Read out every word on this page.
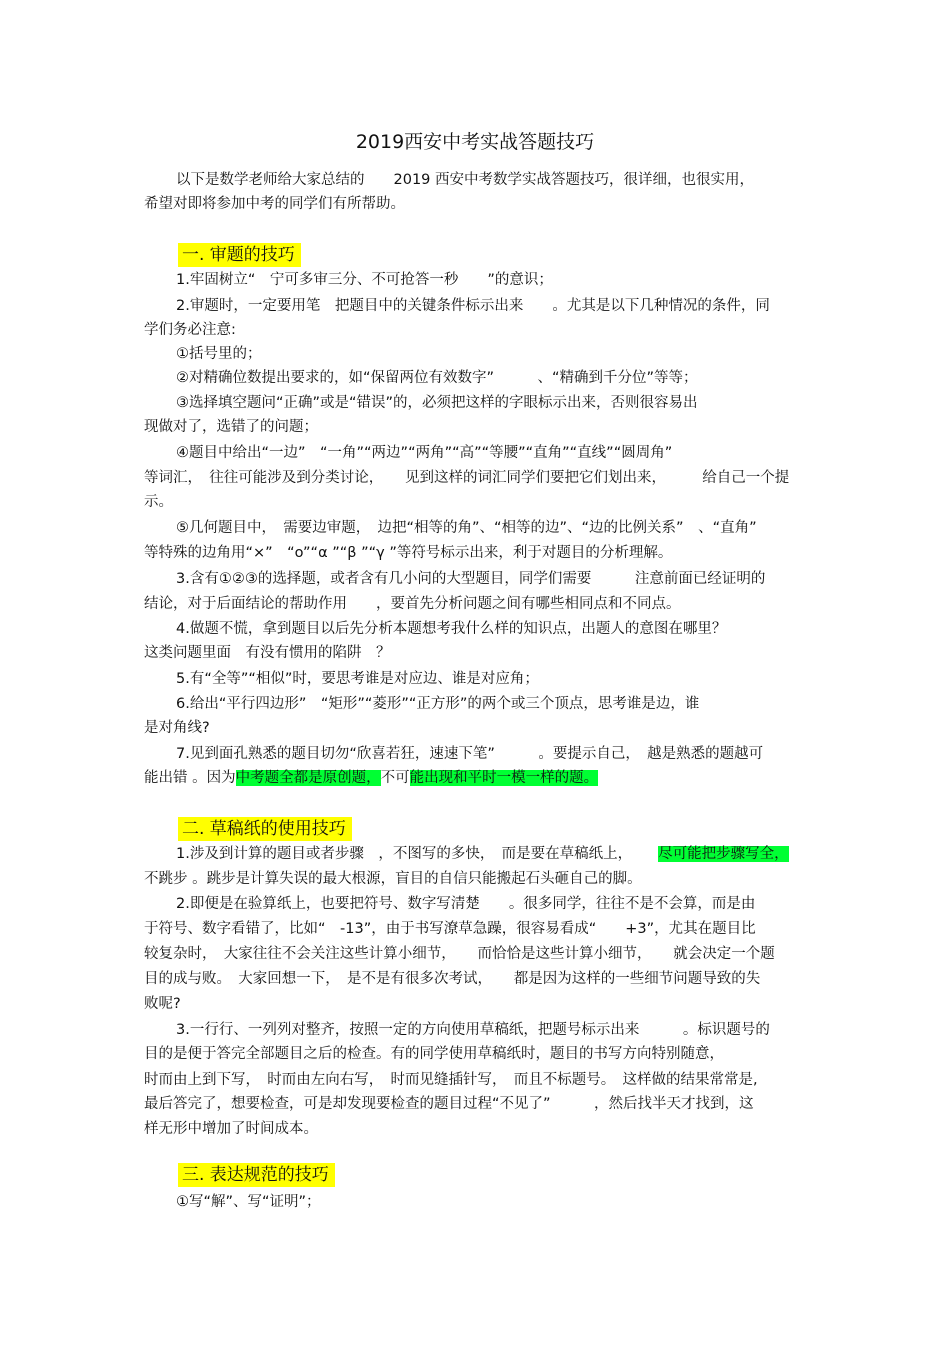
2019西安中考实战答题技巧
以下是数学老师给大家总结的　　2019 西安中考数学实战答题技巧，很详细，也很实用，
希望对即将参加中考的同学们有所帮助。
一. 审题的技巧
1.牢固树立“　宁可多审三分、不可抢答一秒　　”的意识；
2.审题时，一定要用笔　把题目中的关键条件标示出来　　。尤其是以下几种情况的条件，同
学们务必注意:
①括号里的；
②对精确位数提出要求的，如“保留两位有效数字”　　　、“精确到千分位”等等；
③选择填空题问“正确”或是“错误”的，必须把这样的字眼标示出来，否则很容易出
现做对了，选错了的问题；
④题目中给出“一边”　“一角”“两边”“两角”“高”“等腰”“直角”“直线”“圆周角”
等词汇，　往往可能涉及到分类讨论，　　见到这样的词汇同学们要把它们划出来，　　　给自己一个提
示。
⑤几何题目中，　需要边审题，　边把“相等的角”、“相等的边”、“边的比例关系”　、“直角”
等特殊的边角用“×”　“o”“α ”“β ”“γ ”等符号标示出来，利于对题目的分析理解。
3.含有①②③的选择题，或者含有几小问的大型题目，同学们需要　　　注意前面已经证明的
结论，对于后面结论的帮助作用　　，要首先分析问题之间有哪些相同点和不同点。
4.做题不慌，拿到题目以后先分析本题想考我什么样的知识点，出题人的意图在哪里？
这类问题里面　有没有惯用的陷阱　？
5.有“全等”“相似”时，要思考谁是对应边、谁是对应角；
6.给出“平行四边形”　“矩形”“菱形”“正方形”的两个或三个顶点，思考谁是边，谁
是对角线?
7.见到面孔熟悉的题目切勿“欣喜若狂，速速下笔”　　　。要提示自己，　越是熟悉的题越可
能出错 。因为中考题全都是原创题，不可能出现和平时一模一样的题。
二. 草稿纸的使用技巧
1.涉及到计算的题目或者步骤　，不图写的多快，　而是要在草稿纸上， 尽可能把步骤写全，
不跳步 。跳步是计算失误的最大根源，盲目的自信只能搬起石头砸自己的脚。
2.即便是在验算纸上，也要把符号、数字写清楚　　。很多同学，往往不是不会算，而是由
于符号、数字看错了，比如“　-13”，由于书写潦草急躁，很容易看成“　　+3”，尤其在题目比
较复杂时，　大家往往不会关注这些计算小细节，　　而恰恰是这些计算小细节，　　就会决定一个题
目的成与败。　大家回想一下，　是不是有很多次考试，　　都是因为这样的一些细节问题导致的失
败呢?
3.一行行、一列列对整齐，按照一定的方向使用草稿纸，把题号标示出来　　　。标识题号的
目的是便于答完全部题目之后的检查。有的同学使用草稿纸时，题目的书写方向特别随意，
时而由上到下写，　时而由左向右写，　时而见缝插针写，　而且不标题号。　这样做的结果常常是,
最后答完了，想要检查，可是却发现要检查的题目过程“不见了”　　　，然后找半天才找到，这
样无形中增加了时间成本。
三. 表达规范的技巧
①写“解”、写“证明”；
